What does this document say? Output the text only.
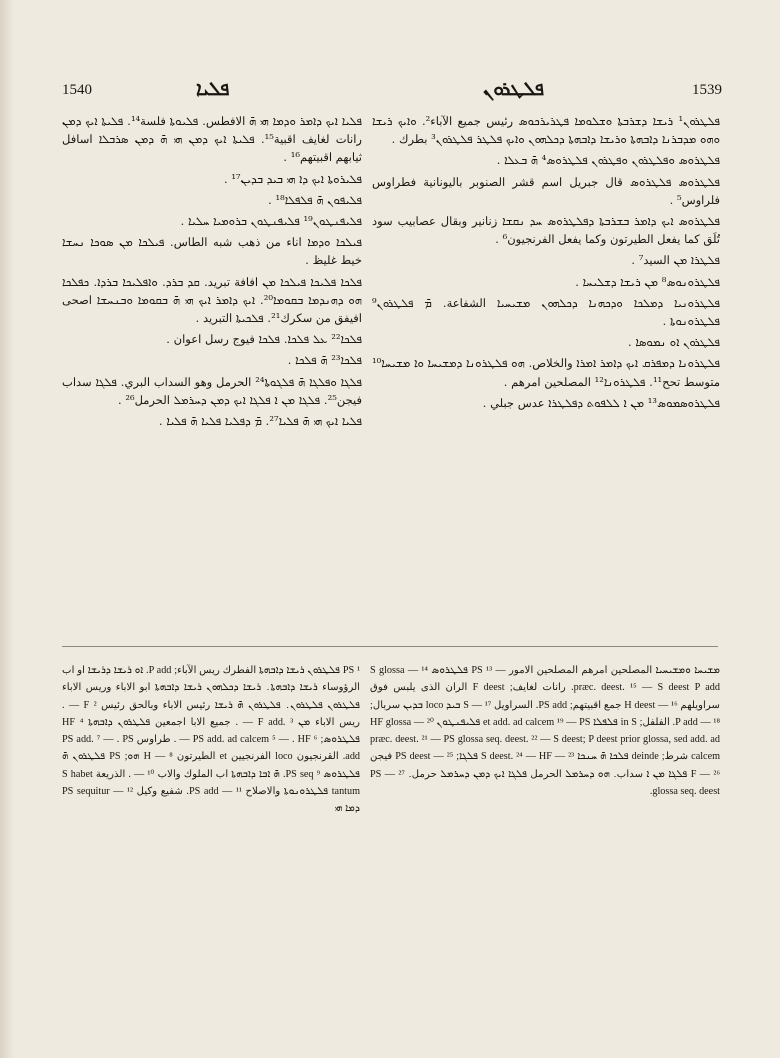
1540	ܦܠܝܐ	ܦܠܛܪܘܢ	1539

ܦܠܛܪܘܢ¹ ܪܝܫܐ ܕܫܪܒܬܐ ܘܫܠܘܡܐ ܦܛܪܝܪܟܘܣ رئيس جميع الآباء². ܘܐܝܟ ܪܝܫܐ ܘܗܘ ܡܕܒܪܢܐ ܕܐܒܗܬܐ ܘܪܝܫܐ ܕܐܒܗܬܐ ܕܟܠܗܘܢ ܘܐܝܟ ܦܠܛܪ ܦܠܛܪܘܢ³ بطرك ․

ܦܠܛܪܘܣ ܘܦܠܛܪܘܢ ܘܦܛܪܘܢ ܦܠܛܪܘܣ⁴ ܗ̄ ܒܥܠܐ ․

ܦܠܛܪܘܣ ܦܠܛܪܘܣ قال جبريل اسم قشر الصنوبر باليونانية فطراوس فلراوس⁵ ․

ܦܠܛܪܘܣ ܐܝܟ ܕܐܡܪ ܒܫܪܒܬܐ ܕܦܠܛܪܘܣ ܚܕ ܢܩܫܐ زنانير وبقال عصابيب سود تُلَق كما يفعل الطيرتون وكما يفعل الفرنجيون⁶ ․

ܦܠܛܪܐ ܡܢ السيد⁷ ․

ܦܠܛܪܘܢܘܣ⁸ ܡܢ ܪܝܫܐ ܕܫܠܝܚܐ ․

ܦܠܛܪܘܢܝܐ ܕܡܠܟܐ ܘܕܟܗܢܐ ܕܟܠܗܘܢ ܡܫܝܚܝܐ الشفاعة․ ܡ̄ ܦܠܛܪܘܢ⁹ ܦܠܛܪܘܢܘܬܐ ․

ܦܠܛܪܘܢ ܐܘ ܢܡܘܣܐ ․

ܦܠܛܪܘܢܐ ܕܡܦܪܩ ܐܝܟ ܕܐܡܪ ܐܡܪܐ والخلاص․ ܗܘ ܦܠܛܪܘܢܐ ܕܡܫܝܚܐ ܘܐ ܡܫܝܚܐ¹⁰ متوسط تحح¹¹․ ܦܠܛܪܘܢܐ¹² المصلحين امرهم ․

ܦܠܛܪܘܣܡܘܣ¹³ ܡܢ ܐ ܠܠܦܘܬ ܕܦܠܛܪܐ عدس جبلي ․

ܦܠܝܐ ܐܝܟ ܕܐܡܪ ܘܕܡܐ ܗܝ ܗ̄ الافطس․ ܦܠܝܘܬܐ فلسة¹⁴․ ܦܠܝܬܐ ܐܝܟ ܕܡܢ رانات لغايف اقبية¹⁵․ ܦܠܝܬܐ ܐܝܟ ܕܡܢ ܗܝ ܗ̄ ܕܡܢ ܣܪܒܠܐ اسافل ثيابهم اقبيتهم¹⁶ ․

ܦܠܝܪܘܬܐ ܐܝܟ ܕܐ ܗܝ ܒܝܕ ܒܕܝܢ¹⁷ ․

ܦܠܝܦܘܢ ܗ̄ ܦܠܦܠܐ¹⁸ ․

ܦܠܝܦܢܛܘܢ¹⁹ ܦܠܝܦܢܛܘܢ ܒܪܘܡܝܐ ܚܠܝܐ ․

ܦܝܠܟܐ ܘܕܡܐ اناء من ذهب شبه الطاس․ ܦܝܠܟܐ ܡܢ ܣܘܟܐ ܢܚܫܐ خيط غليظ ․

ܦܠܟܐ ܦܠܝܟܐ ܦܝܠܟܐ ܡܢ افافة تبريد․ ܩܕ ܒܪܕ․ ܘܐܦܠܝܟܐ ܒܪܕܐ․ ܟܦܠܟܐ ܗܘ ܕܗܢܕܡܐ ܒܩܘܡܐ²⁰․ ܐܝܟ ܕܐܡܪ ܐܝܟ ܗܝ ܗ̄ ܒܩܘܡܐ ܘܒܢܚܫܐ اصحى افيفق من سكرك²¹․ ܦܠܟܝܬܐ التبريد ․

ܦܠܟܐ²² ܥܠ ܦܠܟܐ․ ܦܠܟܐ فيوج رسل اعوان ․

ܦܠܟܐ²³ ܗ̄ ܦܠܟܐ ․

ܦܠܓܐ ܘܦܠܓܐ ܗ̄ ܦܠܓܘܬܐ²⁴ الحرمل وهو السداب البري․ ܦܠܓܐ سداب فيجن²⁵․ ܦܠܓܐ ܡܢ ܐ ܦܠܓܐ ܐܝܟ ܕܡܢ ܕܚܪܡܠ الحرمل²⁶ ․

ܦܠܝܐ ܐܝܟ ܗܝ ܗ̄ ܦܠܝܐ²⁷․ ܡ̄ ܕܦܠܝܐ ܦܠܝܐ ܗ̄ ܦܠܝܐ ․

¹ PS ܦܠܛܪܘܢ ܪܝܫܐ ܕܐܒܗܬܐ الفطرك ريس الآباء; P add. ܐܘ ܪܝܫܐ ܕܪܝܫܐ او اب الرؤوساء ܪܝܫܐ ܕܐܒܗܬܐ․ ܪܝܫܐ ܕܟܠܗܘܢ ܪܝܫܐ ܕܐܒܗܬܐ ابو الاباء وريس الاباء ܦܠܛܪܘܢ ܦܠܛܪܘܢ․ ܦܠܛܪܘܢ ܗ̄ ܪܝܫܐ رئيس الاباء وبالحق رئيس F ² — . ريس الاباء ܡܢ F add. ³ — . جميع الابا اجمعين ܦܠܛܪܘܢ ܕܐܒܗܬܐ ⁴ HF ܦܠܛܪܘܣ; PS add. ad calcem ⁵ — . HF ⁶ — . طراوس PS add. ⁷ — . PS add. القرنجيون loco الفرنجيين et الطيرتون ⁸ — H ܗܘ; PS ܦܠܛܪܘܢ ܗ̄ ܦܠܛܪܘܣ ⁹ PS seq. ܗ̄ ܐܒܐ ܕܐܒܗܬܐ اب الملوك والاب ¹⁰ — . الذريعة S habet tantum ܦܠܛܪܘܢܘܬܐ والاصلاح ¹¹ — PS add. شفيع وكيل ¹² — PS sequitur ܕܡܐ ܗܝ

ܡܫܝܚܐ ܘܡܫܝܚܝܐ المصلحين امرهم المصلحين الامور — ¹³ PS ܦܠܛܪܘܣ ¹⁴ — S glossa præc. deest. ¹⁵ — S deest P add. رانات لغايف; F deest الران الذى يلبس فوق سراويلهم ¹⁶ — H deest جمع اقبيتهم; PS add. السراويل ¹⁷ — S ܒܝܕ loco ܒܕܝܢ سربال; ¹⁸ — P add. الفلفل; in S ܦܠܦܠܐ et add. ad calcem ¹⁹ — PS ܦܠܝܦܢܛܘܢ ²⁰ — HF glossa præc. deest. ²¹ — PS glossa seq. deest. ²² — S deest; P deest prior glossa, sed add. ad calcem شرط; deinde ܦܠܟܐ ܗ̄ ܚܢܟܐ ²³ — S deest. ²⁴ — HF ܦܠܓܐ; ²⁵ — PS deest فيجن ²⁶ — F ܦܠܓܐ ܡܢ ܐ سداب․ ܗܘ ܕܚܪܡܠ الحرمل ܦܠܓܐ ܐܝܟ ܕܡܢ ܕܚܪܡܠ حرمل․ ²⁷ — PS glossa seq. deest.
